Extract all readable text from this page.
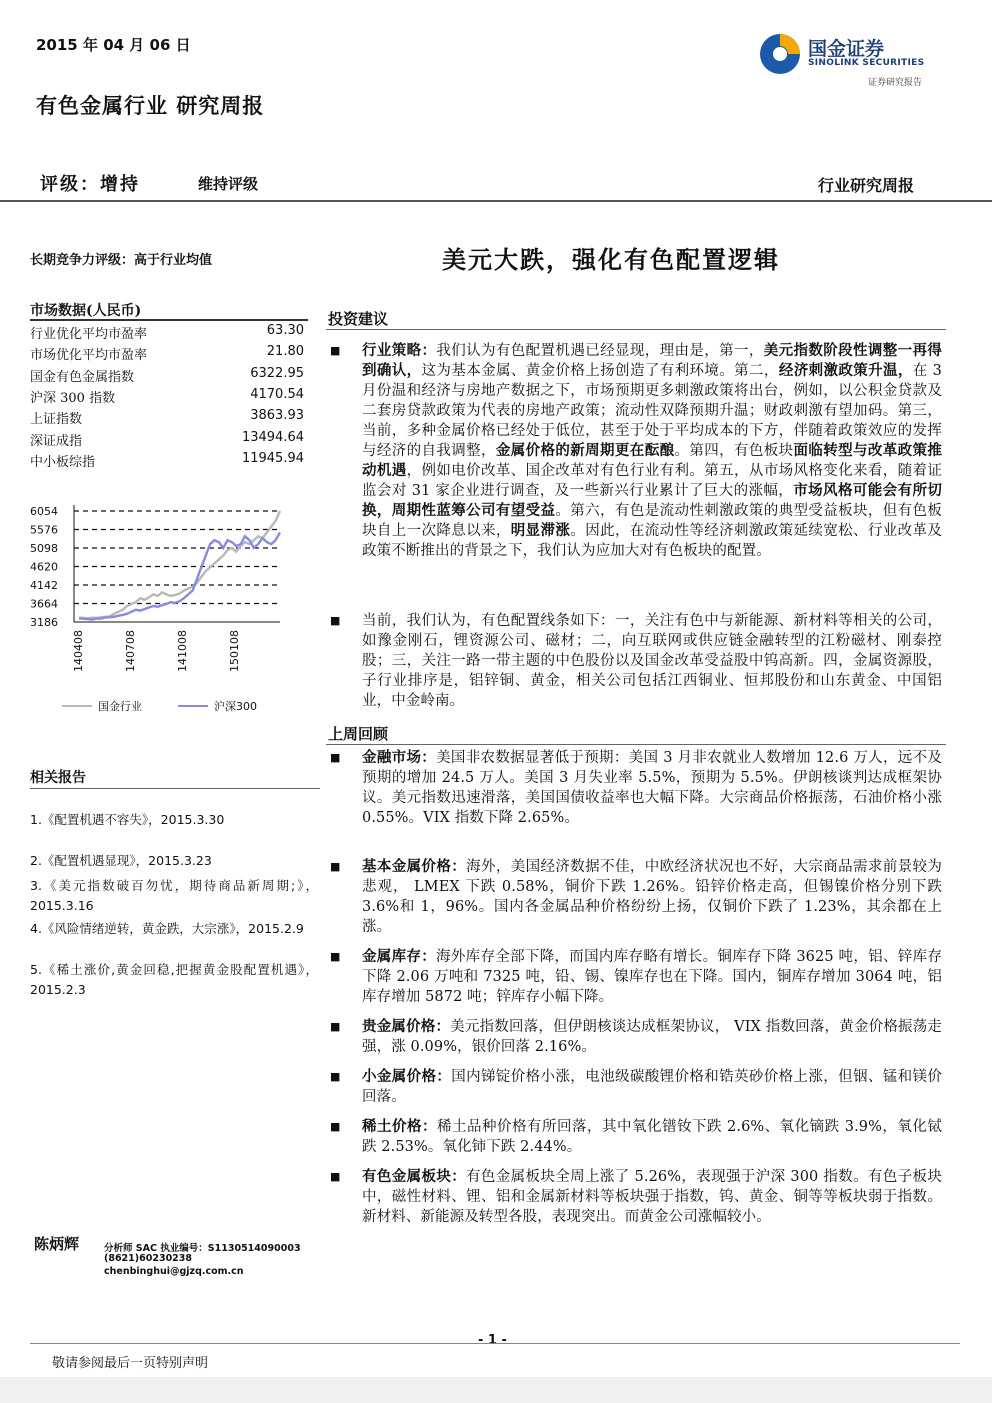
2015 年 04 月 06 日
有色金属行业 研究周报
国金证券
SINOLINK SECURITIES
证券研究报告
评级：增持	维持评级	行业研究周报
长期竞争力评级：高于行业均值	美元大跌，强化有色配置逻辑
市场数据(人民币)
行业优化平均市盈率	63.30
市场优化平均市盈率	21.80
国金有色金属指数	6322.95
沪深 300 指数	4170.54
上证指数	3863.93
深证成指	13494.64
中小板综指	11945.94
6054
5576
5098
4620
4142
3664
3186
140408	140708	141008	150108
国金行业	沪深300
相关报告
1.《配置机遇不容失》，2015.3.30
2.《配置机遇显现》，2015.3.23
3.《美元指数破百勿忧，期待商品新周期;》，2015.3.16
4.《风险情绪逆转，黄金跌，大宗涨》，2015.2.9
5.《稀土涨价,黄金回稳,把握黄金股配置机遇》，2015.2.3
陈炳辉	分析师 SAC 执业编号：S1130514090003
(8621)60230238
chenbinghui@gjzq.com.cn
投资建议
■ 行业策略：我们认为有色配置机遇已经显现，理由是，第一，美元指数阶段性调整一再得到确认，这为基本金属、黄金价格上扬创造了有利环境。第二，经济刺激政策升温，在 3 月份温和经济与房地产数据之下，市场预期更多刺激政策将出台，例如，以公积金贷款及二套房贷款政策为代表的房地产政策；流动性双降预期升温；财政刺激有望加码。第三，当前，多种金属价格已经处于低位，甚至于处于平均成本的下方，伴随着政策效应的发挥与经济的自我调整，金属价格的新周期更在酝酿。第四，有色板块面临转型与改革政策推动机遇，例如电价改革、国企改革对有色行业有利。第五，从市场风格变化来看，随着证监会对 31 家企业进行调查，及一些新兴行业累计了巨大的涨幅，市场风格可能会有所切换，周期性蓝筹公司有望受益。第六，有色是流动性刺激政策的典型受益板块，但有色板块自上一次降息以来，明显滞涨。因此，在流动性等经济刺激政策延续宽松、行业改革及政策不断推出的背景之下，我们认为应加大对有色板块的配置。
■ 当前，我们认为，有色配置线条如下：一，关注有色中与新能源、新材料等相关的公司，如豫金刚石，锂资源公司、磁材；二，向互联网或供应链金融转型的江粉磁材、刚泰控股；三，关注一路一带主题的中色股份以及国金改革受益股中钨高新。四，金属资源股，子行业排序是，铝锌铜、黄金，相关公司包括江西铜业、恒邦股份和山东黄金、中国铝业，中金岭南。
上周回顾
■ 金融市场：美国非农数据显著低于预期：美国 3 月非农就业人数增加 12.6 万人，远不及预期的增加 24.5 万人。美国 3 月失业率 5.5%，预期为 5.5%。伊朗核谈判达成框架协议。美元指数迅速滑落，美国国债收益率也大幅下降。大宗商品价格振荡，石油价格小涨 0.55%。VIX 指数下降 2.65%。
■ 基本金属价格：海外，美国经济数据不佳，中欧经济状况也不好，大宗商品需求前景较为悲观， LMEX 下跌 0.58%，铜价下跌 1.26%。铅锌价格走高，但锡镍价格分别下跌 3.6%和 1，96%。国内各金属品种价格纷纷上扬，仅铜价下跌了 1.23%，其余都在上涨。
■ 金属库存：海外库存全部下降，而国内库存略有增长。铜库存下降 3625 吨，铝、锌库存下降 2.06 万吨和 7325 吨，铅、锡、镍库存也在下降。国内，铜库存增加 3064 吨，铝库存增加 5872 吨；锌库存小幅下降。
■ 贵金属价格：美元指数回落，但伊朗核谈达成框架协议， VIX 指数回落，黄金价格振荡走强，涨 0.09%，银价回落 2.16%。
■ 小金属价格：国内锑锭价格小涨，电池级碳酸锂价格和锆英砂价格上涨，但铟、锰和镁价回落。
■ 稀土价格：稀土品种价格有所回落，其中氧化镨钕下跌 2.6%、氧化镝跌 3.9%，氧化铽跌 2.53%。氧化铈下跌 2.44%。
■ 有色金属板块：有色金属板块全周上涨了 5.26%，表现强于沪深 300 指数。有色子板块中，磁性材料、锂、铝和金属新材料等板块强于指数，钨、黄金、铜等等板块弱于指数。新材料、新能源及转型各股，表现突出。而黄金公司涨幅较小。
- 1 -
敬请参阅最后一页特别声明
